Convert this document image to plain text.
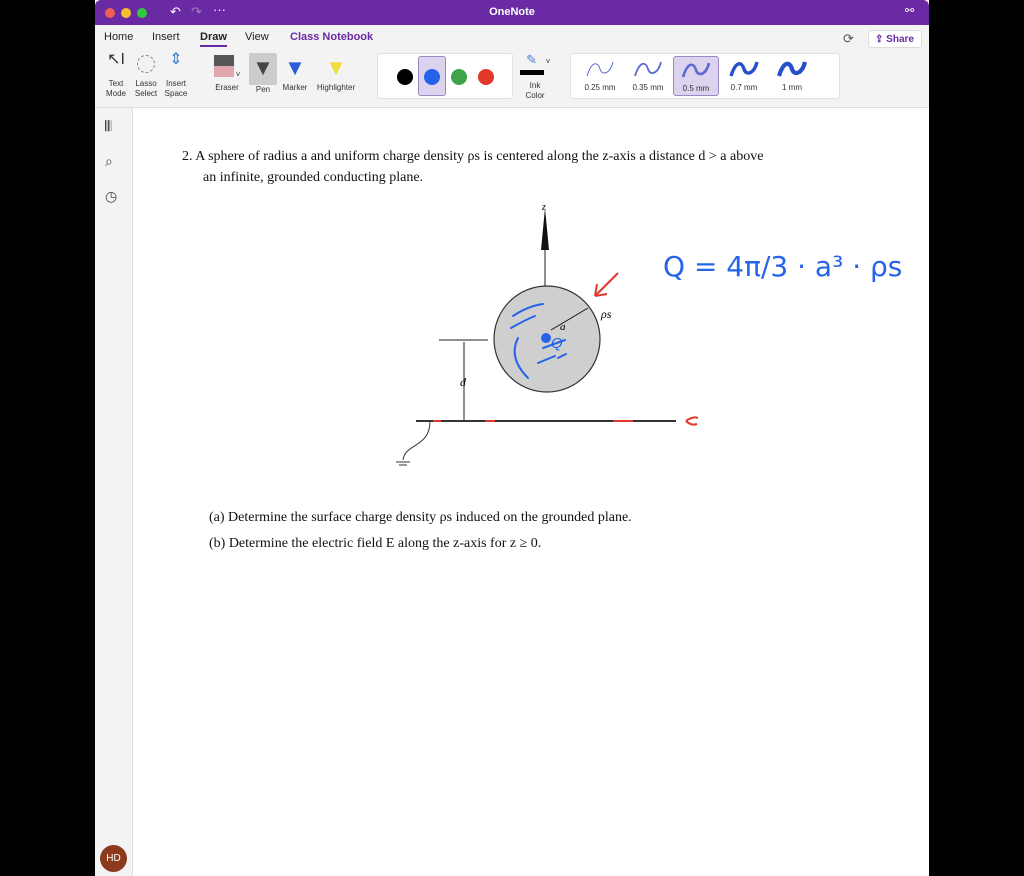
↶ ↷ ···	OneNote	⚯
Home Insert Draw View Class Notebook	⟳	⇪ Share
↖I
Text
Mode
Lasso
Select
⇕
Insert
Space
˅
Eraser
▼
Pen
▼
Marker
▼
Highlighter
✎ ˅
Ink
Color
0.25 mm	0.35 mm	0.5 mm	0.7 mm	1 mm
𝄃𝄃
⌕
◷
HD
2. A sphere of radius a and uniform charge density ρs is centered along the z-axis a distance d > a above
an infinite, grounded conducting plane.
(a) Determine the surface charge density ρs induced on the grounded plane.
(b) Determine the electric field E along the z-axis for z ≥ 0.
z
a
ρs
d
Q
Q = 4π/3 · a³ · ρs
